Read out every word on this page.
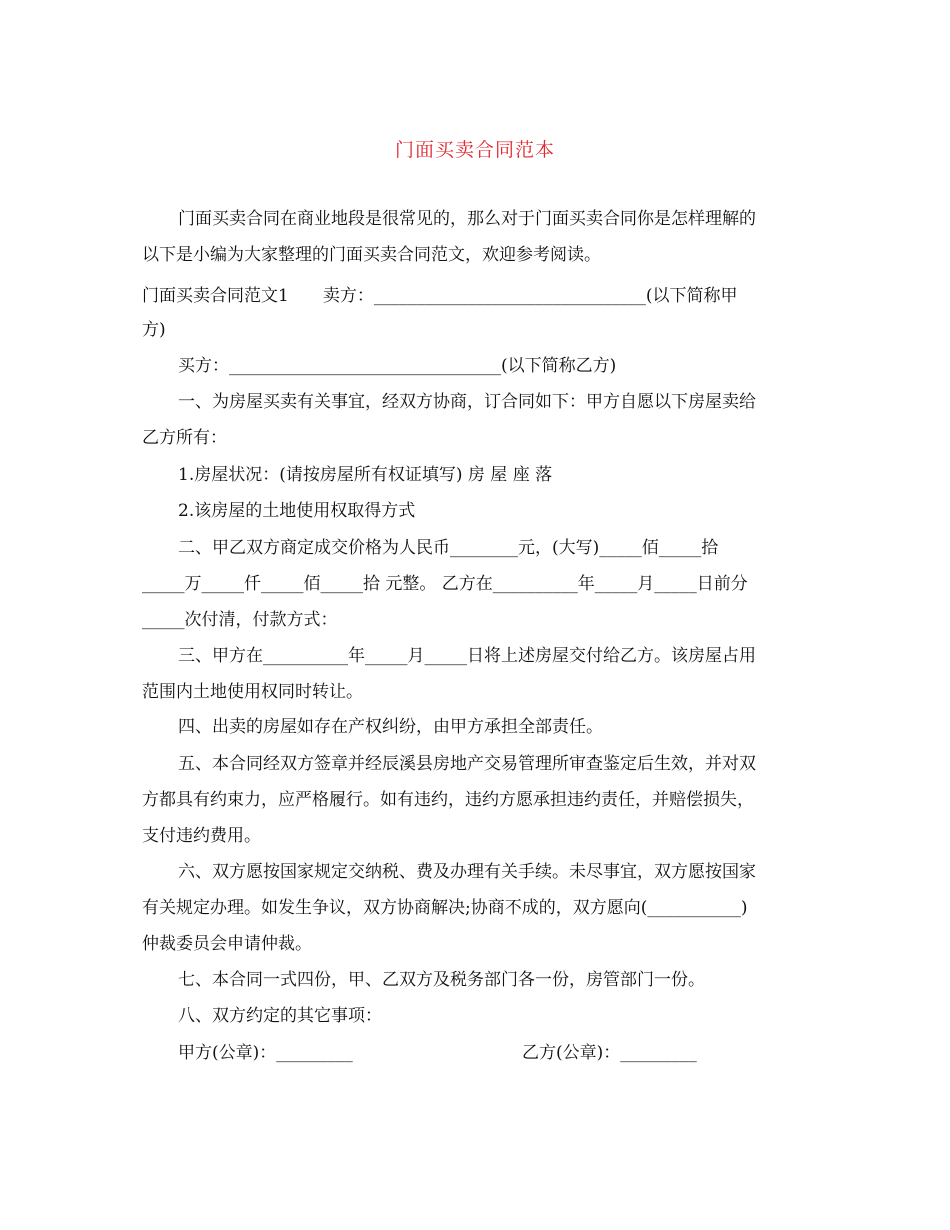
门面买卖合同范本
门面买卖合同在商业地段是很常见的，那么对于门面买卖合同你是怎样理解的
以下是小编为大家整理的门面买卖合同范文，欢迎参考阅读。
门面买卖合同范文1　　卖方：________________________________(以下简称甲
方)
买方：________________________________(以下简称乙方)
一、为房屋买卖有关事宜，经双方协商，订合同如下：甲方自愿以下房屋卖给
乙方所有：
1.房屋状况：(请按房屋所有权证填写) 房 屋 座 落
2.该房屋的土地使用权取得方式
二、甲乙双方商定成交价格为人民币________元，(大写)_____佰_____拾
_____万_____仟_____佰_____拾 元整。 乙方在__________年_____月_____日前分
_____次付清，付款方式：
三、甲方在__________年_____月_____日将上述房屋交付给乙方。该房屋占用
范围内土地使用权同时转让。
四、出卖的房屋如存在产权纠纷，由甲方承担全部责任。
五、本合同经双方签章并经辰溪县房地产交易管理所审查鉴定后生效，并对双
方都具有约束力，应严格履行。如有违约，违约方愿承担违约责任，并赔偿损失，
支付违约费用。
六、双方愿按国家规定交纳税、费及办理有关手续。未尽事宜，双方愿按国家
有关规定办理。如发生争议，双方协商解决;协商不成的，双方愿向(___________)
仲裁委员会申请仲裁。
七、本合同一式四份，甲、乙双方及税务部门各一份，房管部门一份。
八、双方约定的其它事项：
甲方(公章)：_________	乙方(公章)：_________
